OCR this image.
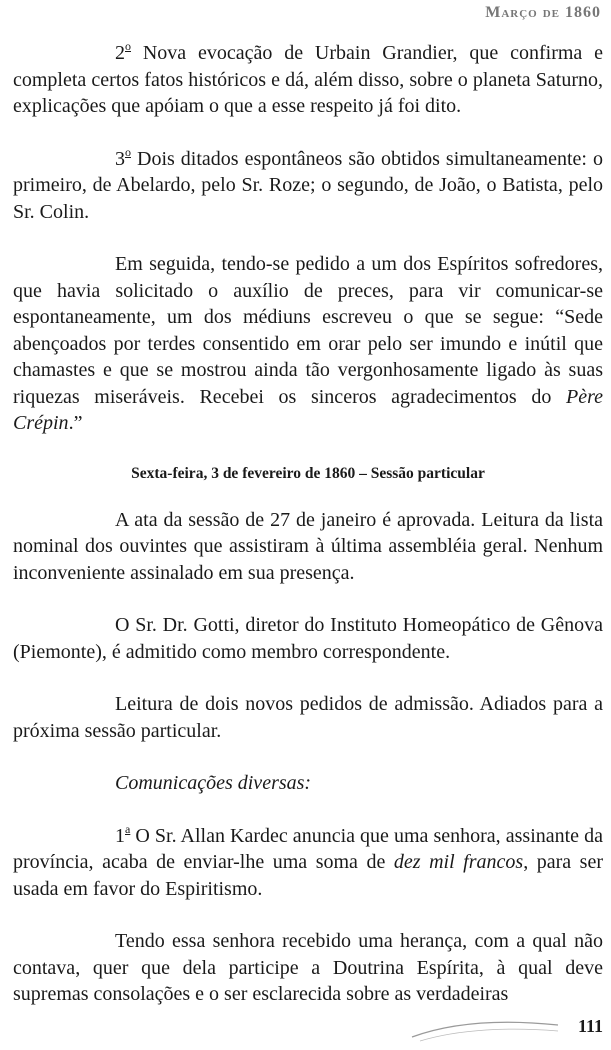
Março de 1860

2$^o$ Nova evocação de Urbain Grandier, que confirma e completa certos fatos históricos e dá, além disso, sobre o planeta Saturno, explicações que apóiam o que a esse respeito já foi dito.

3$^o$ Dois ditados espontâneos são obtidos simultaneamente: o primeiro, de Abelardo, pelo Sr. Roze; o segundo, de João, o Batista, pelo Sr. Colin.

Em seguida, tendo-se pedido a um dos Espíritos sofredores, que havia solicitado o auxílio de preces, para vir comunicar-se espontaneamente, um dos médiuns escreveu o que se segue: “Sede abençoados por terdes consentido em orar pelo ser imundo e inútil que chamastes e que se mostrou ainda tão vergonhosamente ligado às suas riquezas miseráveis. Recebei os sinceros agradecimentos do Père Crépin.”

Sexta-feira, 3 de fevereiro de 1860 – Sessão particular

A ata da sessão de 27 de janeiro é aprovada. Leitura da lista nominal dos ouvintes que assistiram à última assembléia geral. Nenhum inconveniente assinalado em sua presença.

O Sr. Dr. Gotti, diretor do Instituto Homeopático de Gênova (Piemonte), é admitido como membro correspondente.

Leitura de dois novos pedidos de admissão. Adiados para a próxima sessão particular.

Comunicações diversas:

1$^a$ O Sr. Allan Kardec anuncia que uma senhora, assinante da província, acaba de enviar-lhe uma soma de dez mil francos, para ser usada em favor do Espiritismo.

Tendo essa senhora recebido uma herança, com a qual não contava, quer que dela participe a Doutrina Espírita, à qual deve supremas consolações e o ser esclarecida sobre as verdadeiras

111
